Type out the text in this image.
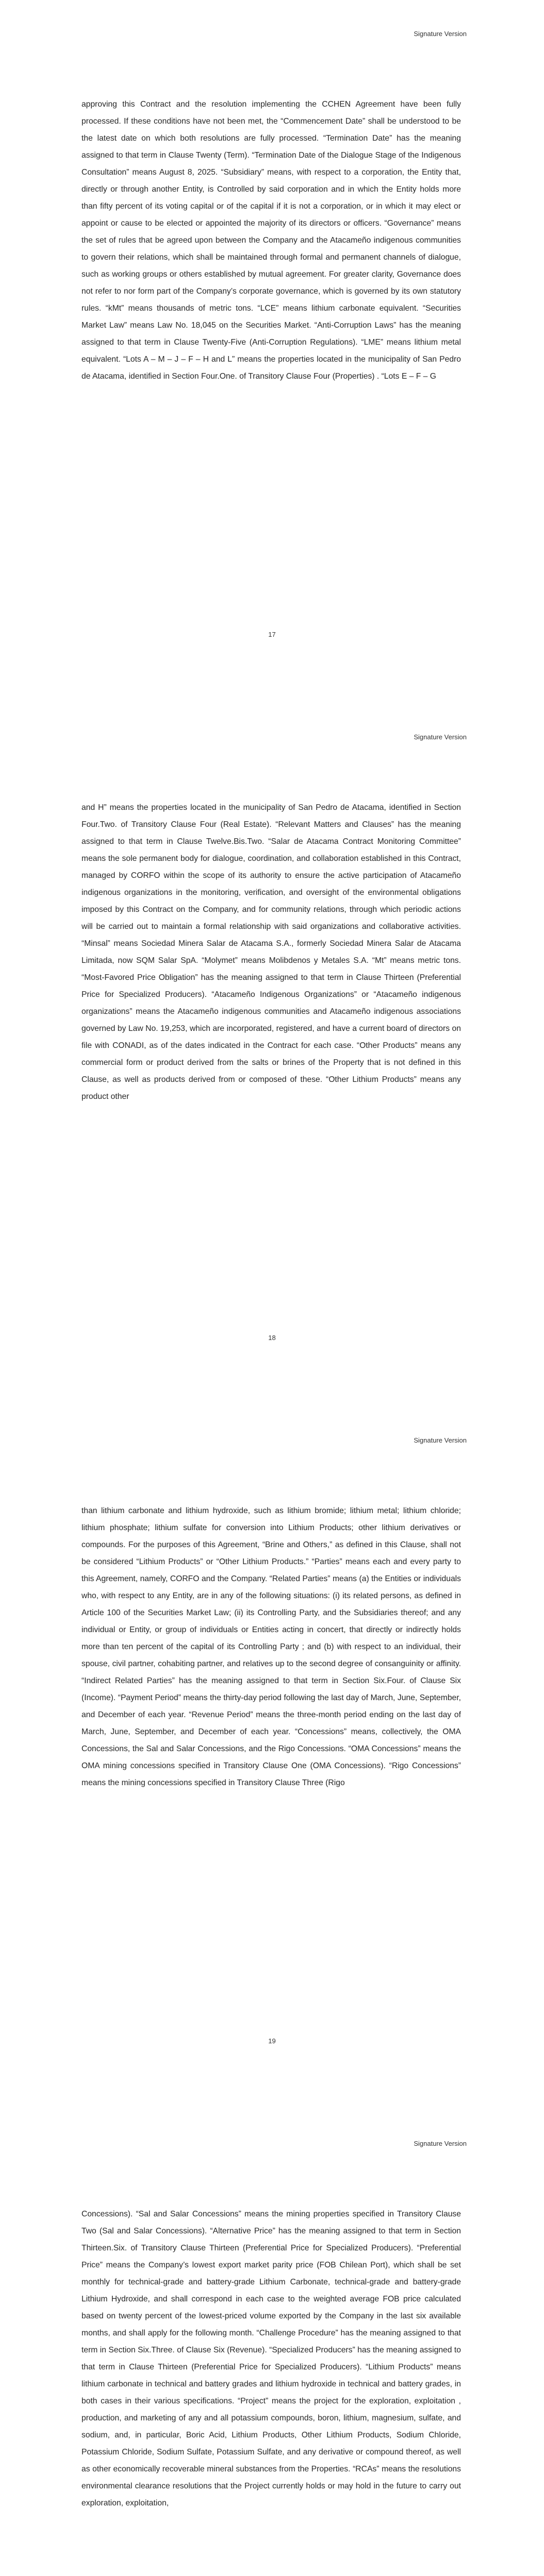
Signature Version
approving this Contract and the resolution implementing the CCHEN Agreement have been fully processed. If these conditions have not been met, the “Commencement Date” shall be understood to be the latest date on which both resolutions are fully processed. “Termination Date” has the meaning assigned to that term in Clause Twenty (Term). “Termination Date of the Dialogue Stage of the Indigenous Consultation” means August 8, 2025. “Subsidiary” means, with respect to a corporation, the Entity that, directly or through another Entity, is Controlled by said corporation and in which the Entity holds more than fifty percent of its voting capital or of the capital if it is not a corporation, or in which it may elect or appoint or cause to be elected or appointed the majority of its directors or officers. “Governance” means the set of rules that be agreed upon between the Company and the Atacameño indigenous communities to govern their relations, which shall be maintained through formal and permanent channels of dialogue, such as working groups or others established by mutual agreement. For greater clarity, Governance does not refer to nor form part of the Company’s corporate governance, which is governed by its own statutory rules. “kMt” means thousands of metric tons. “LCE” means lithium carbonate equivalent. “Securities Market Law” means Law No. 18,045 on the Securities Market. “Anti-Corruption Laws” has the meaning assigned to that term in Clause Twenty-Five (Anti-Corruption Regulations). “LME” means lithium metal equivalent. “Lots A – M – J – F – H and L” means the properties located in the municipality of San Pedro de Atacama, identified in Section Four.One. of Transitory Clause Four (Properties) . “Lots E – F – G
17
Signature Version
and H” means the properties located in the municipality of San Pedro de Atacama, identified in Section Four.Two. of Transitory Clause Four (Real Estate). “Relevant Matters and Clauses” has the meaning assigned to that term in Clause Twelve.Bis.Two. “Salar de Atacama Contract Monitoring Committee” means the sole permanent body for dialogue, coordination, and collaboration established in this Contract, managed by CORFO within the scope of its authority to ensure the active participation of Atacameño indigenous organizations in the monitoring, verification, and oversight of the environmental obligations imposed by this Contract on the Company, and for community relations, through which periodic actions will be carried out to maintain a formal relationship with said organizations and collaborative activities. “Minsal” means Sociedad Minera Salar de Atacama S.A., formerly Sociedad Minera Salar de Atacama Limitada, now SQM Salar SpA. “Molymet” means Molibdenos y Metales S.A. “Mt” means metric tons. “Most-Favored Price Obligation” has the meaning assigned to that term in Clause Thirteen (Preferential Price for Specialized Producers). “Atacameño Indigenous Organizations” or “Atacameño indigenous organizations” means the Atacameño indigenous communities and Atacameño indigenous associations governed by Law No. 19,253, which are incorporated, registered, and have a current board of directors on file with CONADI, as of the dates indicated in the Contract for each case. “Other Products” means any commercial form or product derived from the salts or brines of the Property that is not defined in this Clause, as well as products derived from or composed of these. “Other Lithium Products” means any product other
18
Signature Version
than lithium carbonate and lithium hydroxide, such as lithium bromide; lithium metal; lithium chloride; lithium phosphate; lithium sulfate for conversion into Lithium Products; other lithium derivatives or compounds. For the purposes of this Agreement, “Brine and Others,” as defined in this Clause, shall not be considered “Lithium Products” or “Other Lithium Products.” “Parties” means each and every party to this Agreement, namely, CORFO and the Company. “Related Parties” means (a) the Entities or individuals who, with respect to any Entity, are in any of the following situations: (i) its related persons, as defined in Article 100 of the Securities Market Law; (ii) its Controlling Party, and the Subsidiaries thereof; and any individual or Entity, or group of individuals or Entities acting in concert, that directly or indirectly holds more than ten percent of the capital of its Controlling Party ; and (b) with respect to an individual, their spouse, civil partner, cohabiting partner, and relatives up to the second degree of consanguinity or affinity. “Indirect Related Parties” has the meaning assigned to that term in Section Six.Four. of Clause Six (Income). “Payment Period” means the thirty-day period following the last day of March, June, September, and December of each year. “Revenue Period” means the three-month period ending on the last day of March, June, September, and December of each year. “Concessions” means, collectively, the OMA Concessions, the Sal and Salar Concessions, and the Rigo Concessions. “OMA Concessions” means the OMA mining concessions specified in Transitory Clause One (OMA Concessions). “Rigo Concessions” means the mining concessions specified in Transitory Clause Three (Rigo
19
Signature Version
Concessions). “Sal and Salar Concessions” means the mining properties specified in Transitory Clause Two (Sal and Salar Concessions). “Alternative Price” has the meaning assigned to that term in Section Thirteen.Six. of Transitory Clause Thirteen (Preferential Price for Specialized Producers). “Preferential Price” means the Company’s lowest export market parity price (FOB Chilean Port), which shall be set monthly for technical-grade and battery-grade Lithium Carbonate, technical-grade and battery-grade Lithium Hydroxide, and shall correspond in each case to the weighted average FOB price calculated based on twenty percent of the lowest-priced volume exported by the Company in the last six available months, and shall apply for the following month. “Challenge Procedure” has the meaning assigned to that term in Section Six.Three. of Clause Six (Revenue). “Specialized Producers” has the meaning assigned to that term in Clause Thirteen (Preferential Price for Specialized Producers). “Lithium Products” means lithium carbonate in technical and battery grades and lithium hydroxide in technical and battery grades, in both cases in their various specifications. “Project” means the project for the exploration, exploitation , production, and marketing of any and all potassium compounds, boron, lithium, magnesium, sulfate, and sodium, and, in particular, Boric Acid, Lithium Products, Other Lithium Products, Sodium Chloride, Potassium Chloride, Sodium Sulfate, Potassium Sulfate, and any derivative or compound thereof, as well as other economically recoverable mineral substances from the Properties. “RCAs” means the resolutions environmental clearance resolutions that the Project currently holds or may hold in the future to carry out exploration, exploitation,
